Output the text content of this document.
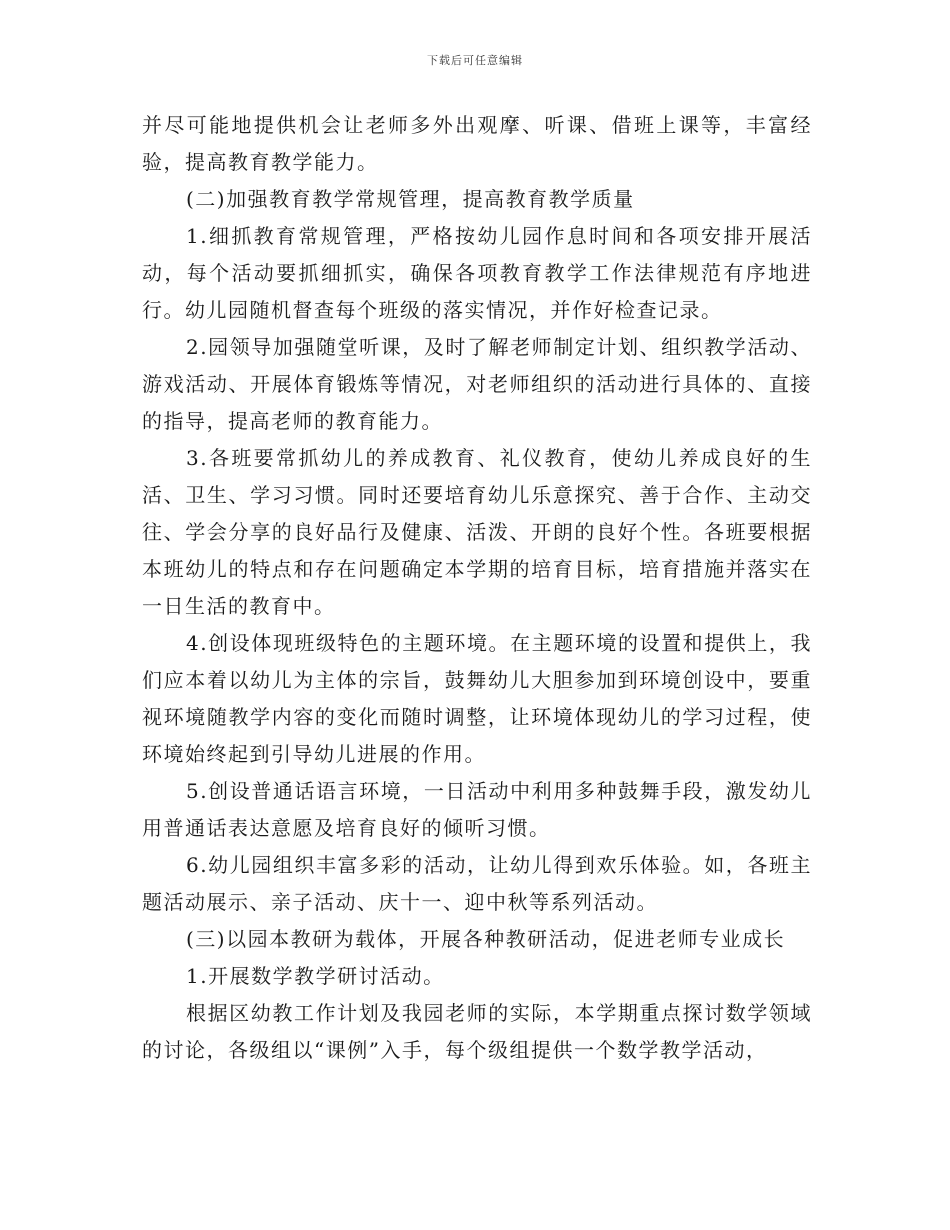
下载后可任意编辑

并尽可能地提供机会让老师多外出观摩、听课、借班上课等，丰富经验，提高教育教学能力。

(二)加强教育教学常规管理，提高教育教学质量

1.细抓教育常规管理，严格按幼儿园作息时间和各项安排开展活动，每个活动要抓细抓实，确保各项教育教学工作法律规范有序地进行。幼儿园随机督查每个班级的落实情况，并作好检查记录。

2.园领导加强随堂听课，及时了解老师制定计划、组织教学活动、游戏活动、开展体育锻炼等情况，对老师组织的活动进行具体的、直接的指导，提高老师的教育能力。

3.各班要常抓幼儿的养成教育、礼仪教育，使幼儿养成良好的生活、卫生、学习习惯。同时还要培育幼儿乐意探究、善于合作、主动交往、学会分享的良好品行及健康、活泼、开朗的良好个性。各班要根据本班幼儿的特点和存在问题确定本学期的培育目标，培育措施并落实在一日生活的教育中。

4.创设体现班级特色的主题环境。在主题环境的设置和提供上，我们应本着以幼儿为主体的宗旨，鼓舞幼儿大胆参加到环境创设中，要重视环境随教学内容的变化而随时调整，让环境体现幼儿的学习过程，使环境始终起到引导幼儿进展的作用。

5.创设普通话语言环境，一日活动中利用多种鼓舞手段，激发幼儿用普通话表达意愿及培育良好的倾听习惯。

6.幼儿园组织丰富多彩的活动，让幼儿得到欢乐体验。如，各班主题活动展示、亲子活动、庆十一、迎中秋等系列活动。

(三)以园本教研为载体，开展各种教研活动，促进老师专业成长

1.开展数学教学研讨活动。

根据区幼教工作计划及我园老师的实际，本学期重点探讨数学领域的讨论，各级组以“课例”入手，每个级组提供一个数学教学活动，
